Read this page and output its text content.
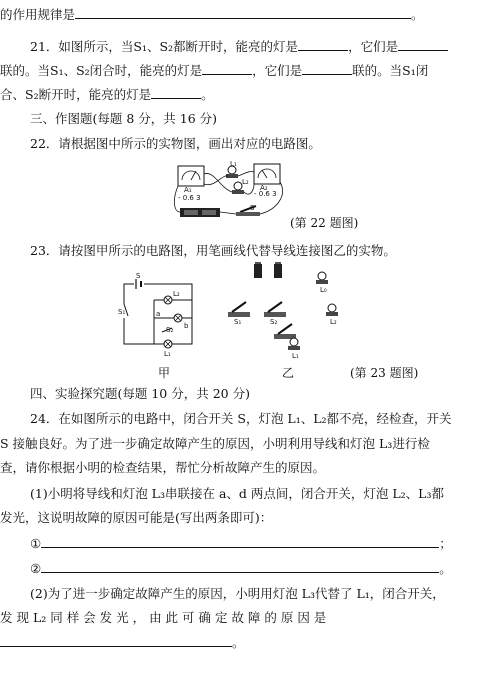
的作用规律是	。
21．如图所示，当S₁、S₂都断开时，能亮的灯是	，它们是
联的。当S₁、S₂闭合时，能亮的灯是	，它们是	联的。当S₁闭
合、S₂断开时，能亮的灯是	。
三、作图题(每题 8 分，共 16 分)
22．请根据图中所示的实物图，画出对应的电路图。
A₁	A₂
L₁
L₂
S
- 0.6 3	- 0.6 3
(第 22 题图)
23．请按图甲所示的电路图，用笔画线代替导线连接图乙的实物。
S₁
S₂
S
L₁
L₂
a
b
L₀
S₁	S₂	L₂
L₁
甲	乙	(第 23 题图)
四、实验探究题(每题 10 分，共 20 分)
24．在如图所示的电路中，闭合开关 S，灯泡 L₁、L₂都不亮，经检查，开关
S 接触良好。为了进一步确定故障产生的原因，小明利用导线和灯泡 L₃进行检
查，请你根据小明的检查结果，帮忙分析故障产生的原因。
(1)小明将导线和灯泡 L₃串联接在 a、d 两点间，闭合开关，灯泡 L₂、L₃都
发光，这说明故障的原因可能是(写出两条即可)：
①	；
②	。
(2)为了进一步确定故障产生的原因，小明用灯泡 L₃代替了 L₁，闭合开关，
发 现 L₂ 同 样 会 发 光 ， 由 此 可 确 定 故 障 的 原 因 是
。
